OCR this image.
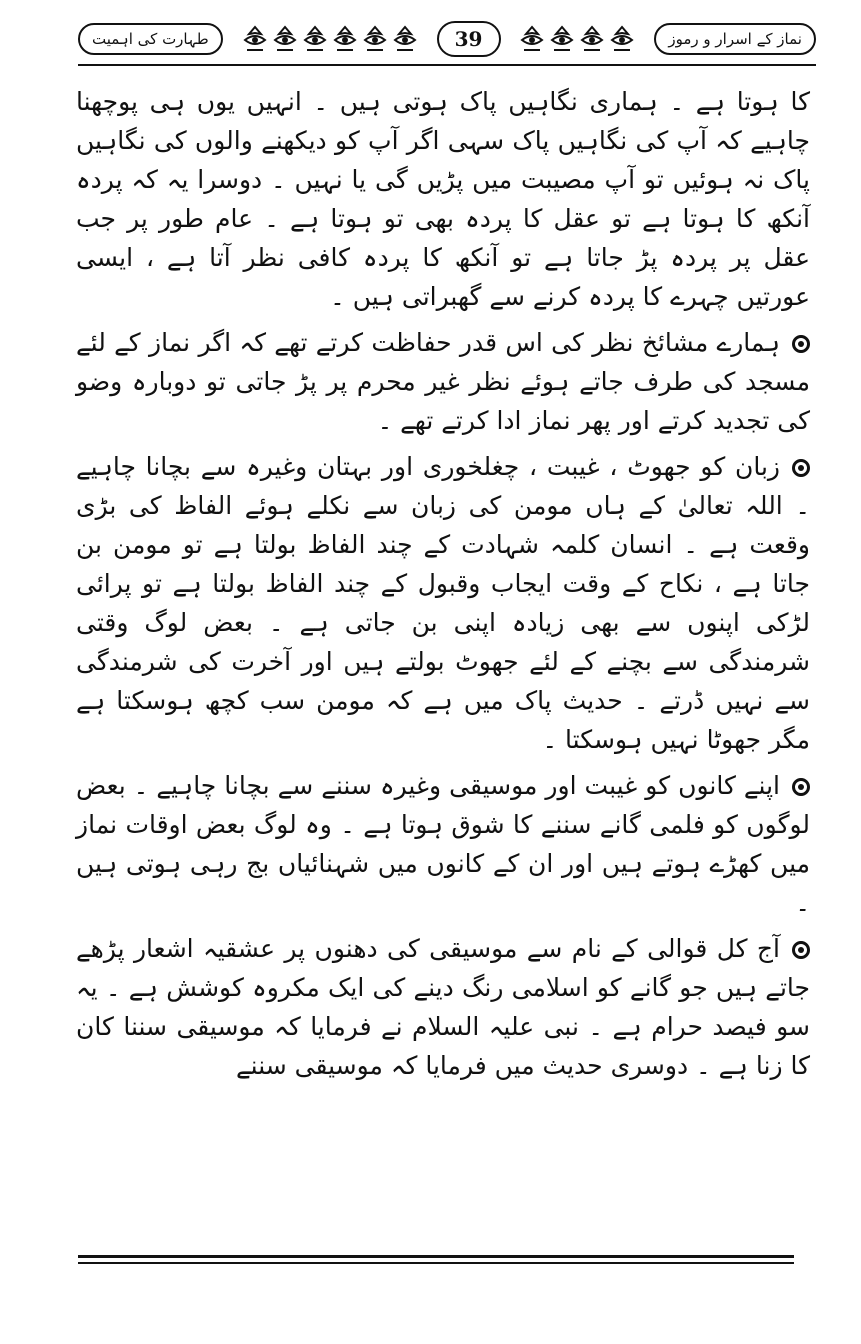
طہارت کی اہمیت	39	نماز کے اسرار و رموز

کا ہوتا ہے ۔ ہماری نگاہیں پاک ہوتی ہیں ۔ انہیں یوں ہی پوچھنا چاہیے کہ آپ کی نگاہیں پاک سہی اگر آپ کو دیکھنے والوں کی نگاہیں پاک نہ ہوئیں تو آپ مصیبت میں پڑیں گی یا نہیں ۔ دوسرا یہ کہ پردہ آنکھ کا ہوتا ہے تو عقل کا پردہ بھی تو ہوتا ہے ۔ عام طور پر جب عقل پر پردہ پڑ جاتا ہے تو آنکھ کا پردہ کافی نظر آتا ہے ، ایسی عورتیں چہرے کا پردہ کرنے سے گھبراتی ہیں ۔

ہمارے مشائخ نظر کی اس قدر حفاظت کرتے تھے کہ اگر نماز کے لئے مسجد کی طرف جاتے ہوئے نظر غیر محرم پر پڑ جاتی تو دوبارہ وضو کی تجدید کرتے اور پھر نماز ادا کرتے تھے ۔

زبان کو جھوٹ ، غیبت ، چغلخوری اور بہتان وغیرہ سے بچانا چاہیے ۔ اللہ تعالیٰ کے ہاں مومن کی زبان سے نکلے ہوئے الفاظ کی بڑی وقعت ہے ۔ انسان کلمہ شہادت کے چند الفاظ بولتا ہے تو مومن بن جاتا ہے ، نکاح کے وقت ایجاب وقبول کے چند الفاظ بولتا ہے تو پرائی لڑکی اپنوں سے بھی زیادہ اپنی بن جاتی ہے ۔ بعض لوگ وقتی شرمندگی سے بچنے کے لئے جھوٹ بولتے ہیں اور آخرت کی شرمندگی سے نہیں ڈرتے ۔ حدیث پاک میں ہے کہ مومن سب کچھ ہوسکتا ہے مگر جھوٹا نہیں ہوسکتا ۔

اپنے کانوں کو غیبت اور موسیقی وغیرہ سننے سے بچانا چاہیے ۔ بعض لوگوں کو فلمی گانے سننے کا شوق ہوتا ہے ۔ وہ لوگ بعض اوقات نماز میں کھڑے ہوتے ہیں اور ان کے کانوں میں شہنائیاں بج رہی ہوتی ہیں ۔

آج کل قوالی کے نام سے موسیقی کی دھنوں پر عشقیہ اشعار پڑھے جاتے ہیں جو گانے کو اسلامی رنگ دینے کی ایک مکروہ کوشش ہے ۔ یہ سو فیصد حرام ہے ۔ نبی علیہ السلام نے فرمایا کہ موسیقی سننا کان کا زنا ہے ۔ دوسری حدیث میں فرمایا کہ موسیقی سننے
